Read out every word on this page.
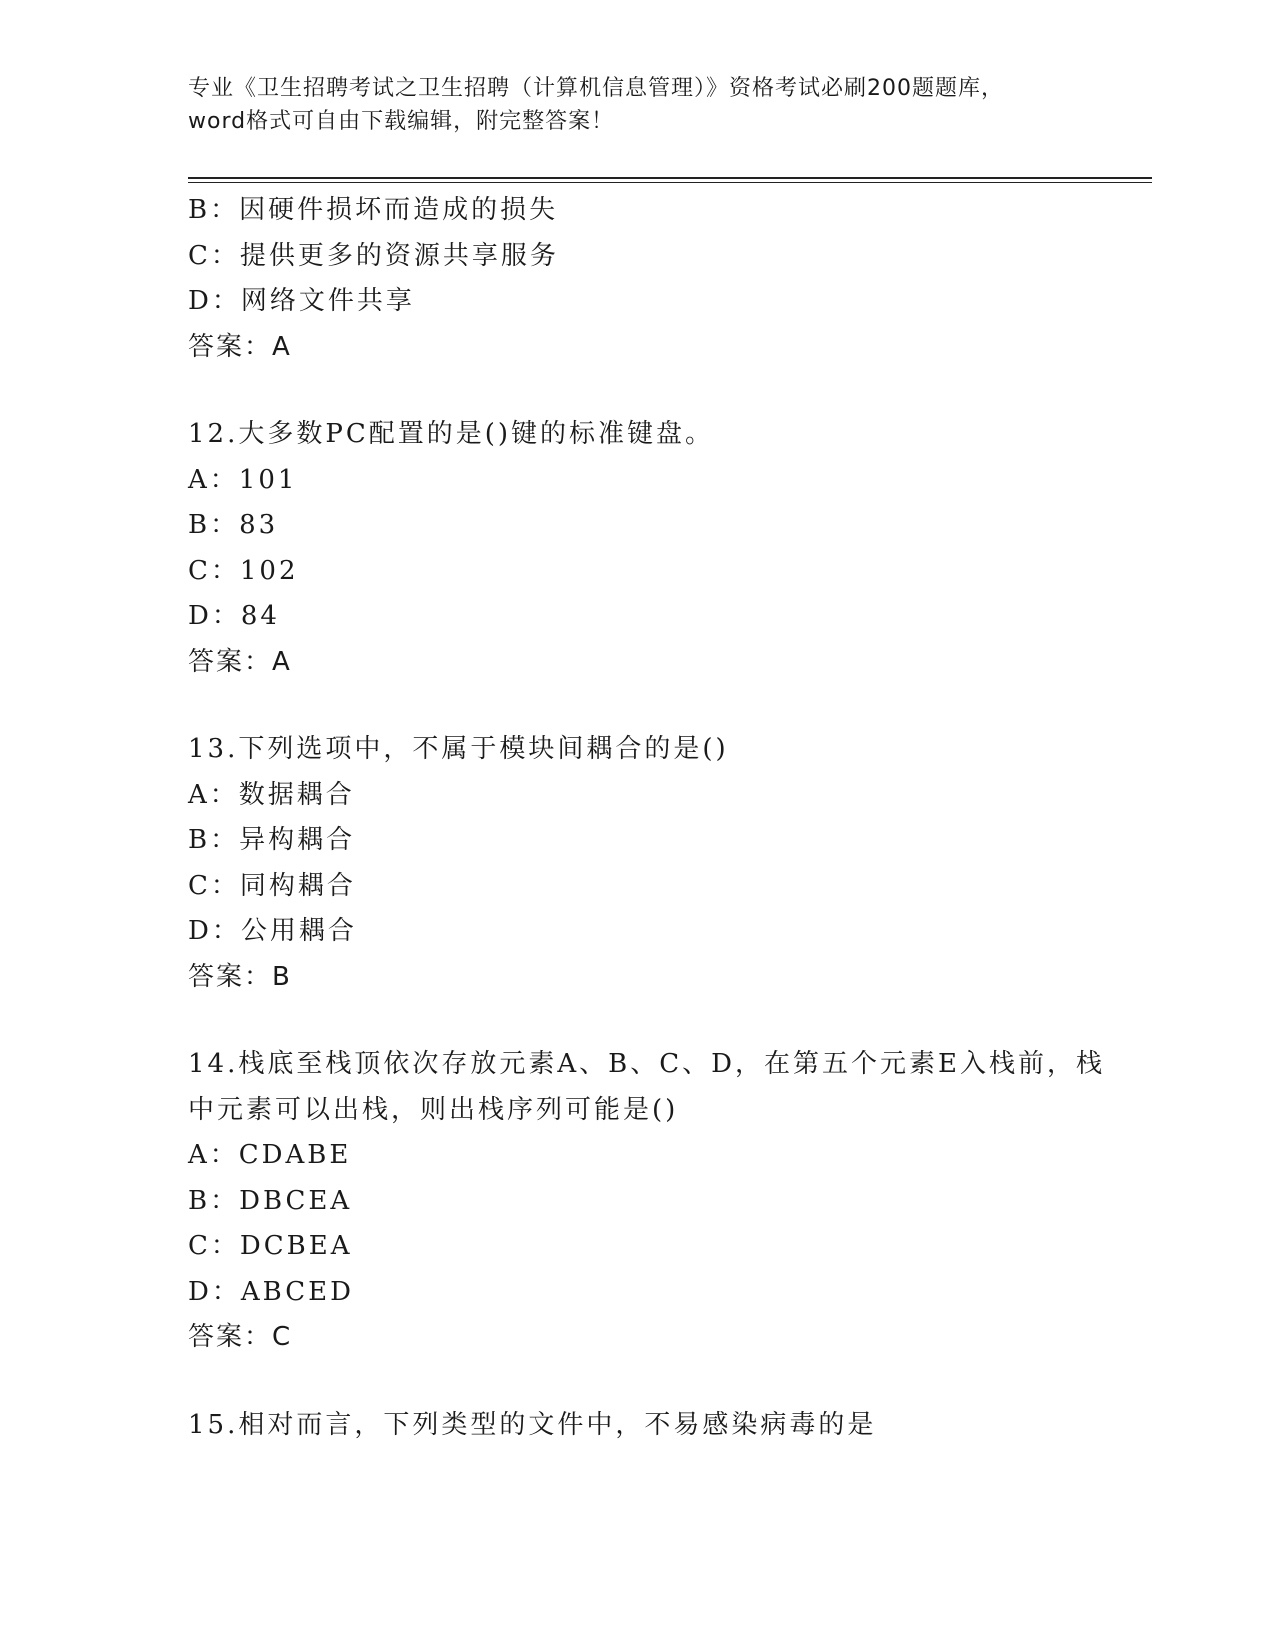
专业《卫生招聘考试之卫生招聘（计算机信息管理）》资格考试必刷200题题库，
word格式可自由下载编辑，附完整答案！
B：因硬件损坏而造成的损失
C：提供更多的资源共享服务
D：网络文件共享
答案：A
12.大多数PC配置的是()键的标准键盘。
A：101
B：83
C：102
D：84
答案：A
13.下列选项中，不属于模块间耦合的是()
A：数据耦合
B：异构耦合
C：同构耦合
D：公用耦合
答案：B
14.栈底至栈顶依次存放元素A、B、C、D，在第五个元素E入栈前，栈
中元素可以出栈，则出栈序列可能是()
A：CDABE
B：DBCEA
C：DCBEA
D：ABCED
答案：C
15.相对而言，下列类型的文件中，不易感染病毒的是
